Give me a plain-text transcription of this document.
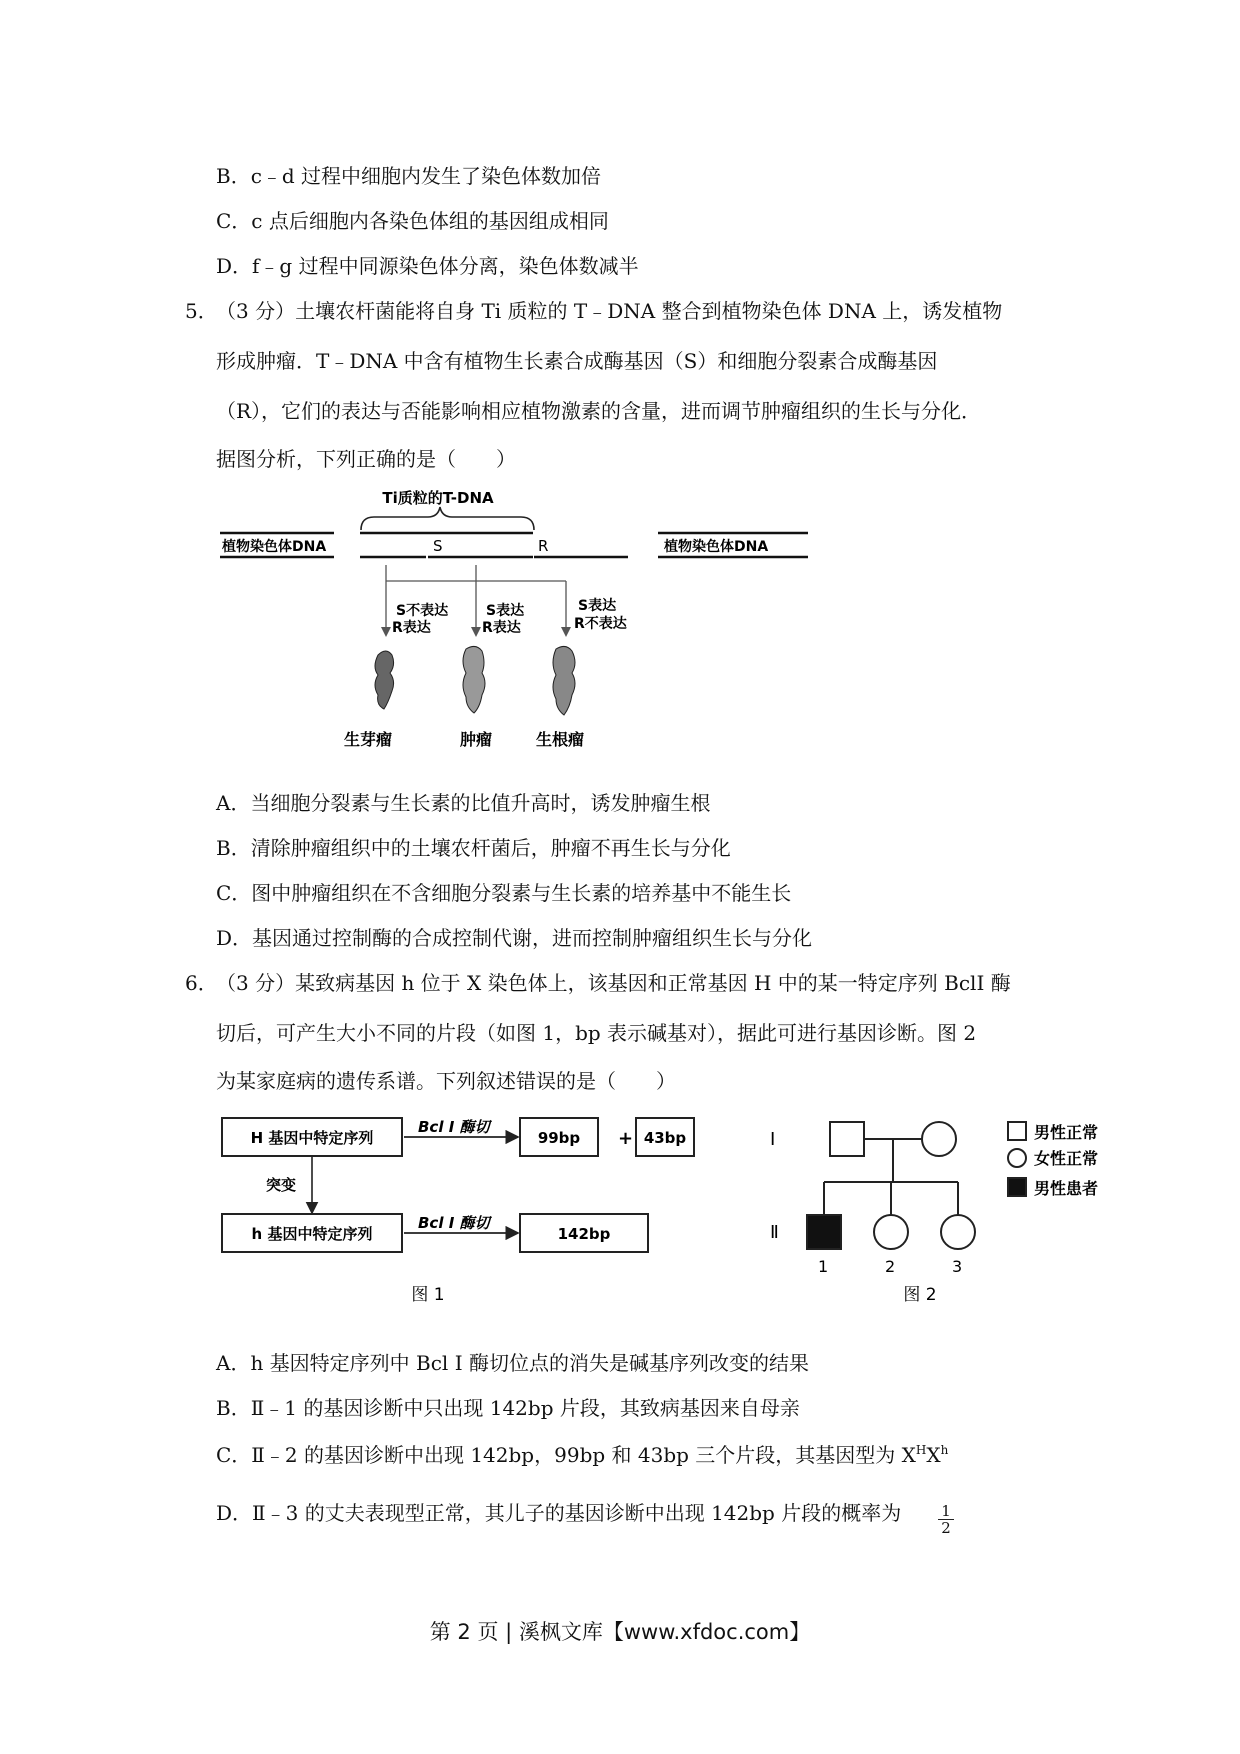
B．c﹣d 过程中细胞内发生了染色体数加倍
C．c 点后细胞内各染色体组的基因组成相同
D．f﹣g 过程中同源染色体分离，染色体数减半
5．
（3 分）土壤农杆菌能将自身 Ti 质粒的 T﹣DNA 整合到植物染色体 DNA 上，诱发植物
形成肿瘤．T﹣DNA 中含有植物生长素合成酶基因（S）和细胞分裂素合成酶基因
（R），它们的表达与否能影响相应植物激素的含量，进而调节肿瘤组织的生长与分化．
据图分析，下列正确的是（　　）
Ti质粒的T-DNA
植物染色体DNA	S	R	植物染色体DNA
S不表达
R表达
S表达
R表达
S表达
R不表达
生芽瘤	肿瘤	生根瘤
A．当细胞分裂素与生长素的比值升高时，诱发肿瘤生根
B．清除肿瘤组织中的土壤农杆菌后，肿瘤不再生长与分化
C．图中肿瘤组织在不含细胞分裂素与生长素的培养基中不能生长
D．基因通过控制酶的合成控制代谢，进而控制肿瘤组织生长与分化
6．
（3 分）某致病基因 h 位于 X 染色体上，该基因和正常基因 H 中的某一特定序列 BclI 酶
切后，可产生大小不同的片段（如图 1，bp 表示碱基对），据此可进行基因诊断。图 2
为某家庭病的遗传系谱。下列叙述错误的是（　　）
H 基因中特定序列
Bcl Ⅰ 酶切
99bp + 43bp
突变
h 基因中特定序列
Bcl Ⅰ 酶切
142bp
图 1
Ⅰ
Ⅱ
1	2	3
男性正常
女性正常
男性患者
图 2
A．h 基因特定序列中 Bcl Ⅰ 酶切位点的消失是碱基序列改变的结果
B．Ⅱ﹣1 的基因诊断中只出现 142bp 片段，其致病基因来自母亲
C．Ⅱ﹣2 的基因诊断中出现 142bp，99bp 和 43bp 三个片段，其基因型为 $X^HX^h$
D．Ⅱ﹣3 的丈夫表现型正常，其儿子的基因诊断中出现 142bp 片段的概率为 $\frac{1}{2}$
第 2 页 | 溪枫文库【www.xfdoc.com】
